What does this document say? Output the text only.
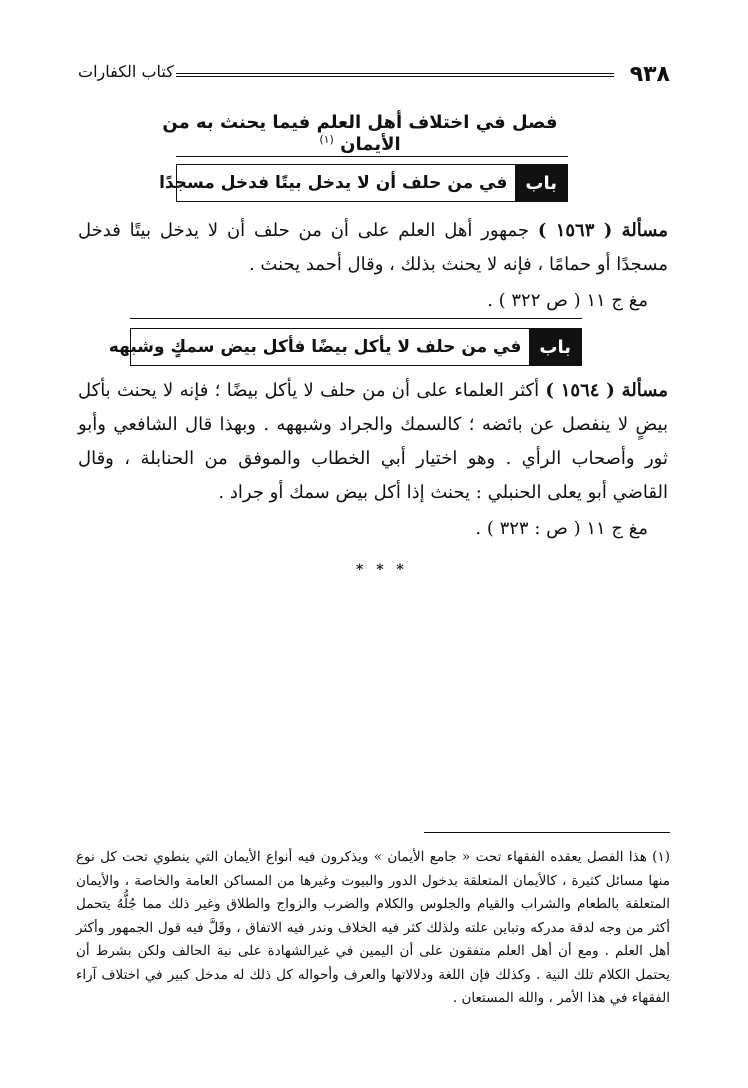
٩٣٨
كتاب الكفارات
فصل في اختلاف أهل العلم فيما يحنث به من الأيمان $^{(١)}$
باب
في من حلف أن لا يدخل بيتًا فدخل مسجدًا
مسألة ( ١٥٦٣ ) جمهور أهل العلم على أن من حلف أن لا يدخل بيتًا فدخل مسجدًا أو حمامًا ، فإنه لا يحنث بذلك ، وقال أحمد يحنث .
مغ ج ١١ ( ص ٣٢٢ ) .
باب
في من حلف لا يأكل بيضًا فأكل بيض سمكٍ وشبهه
مسألة ( ١٥٦٤ ) أكثر العلماء على أن من حلف لا يأكل بيضًا ؛ فإنه لا يحنث بأكل بيضٍ لا ينفصل عن بائضه ؛ كالسمك والجراد وشبههه . وبهذا قال الشافعي وأبو ثور وأصحاب الرأي . وهو اختيار أبي الخطاب والموفق من الحنابلة ، وقال القاضي أبو يعلى الحنبلي : يحنث إذا أكل بيض سمك أو جراد .
مغ ج ١١ ( ص : ٣٢٣ ) .
* * *
(١) هذا الفصل يعقده الفقهاء تحت « جامع الأيمان » ويذكرون فيه أنواع الأيمان التي ينطوي تحت كل نوع منها مسائل كثيرة ، كالأيمان المتعلقة بدخول الدور والبيوت وغيرها من المساكن العامة والخاصة ، والأيمان المتعلقة بالطعام والشراب والقيام والجلوس والكلام والضرب والزواج والطلاق وغير ذلك مما جُلُّهُ يتحمل أكثر من وجه لدقة مدركه وتباين علته ولذلك كثر فيه الخلاف وندر فيه الاتفاق ، وقَلَّ فيه قول الجمهور وأكثر أهل العلم . ومع أن أهل العلم متفقون على أن اليمين في غيرالشهادة على نية الحالف ولكن بشرط أن يحتمل الكلام تلك النية . وكذلك فإن اللغة ودلالاتها والعرف وأحواله كل ذلك له مدخل كبير في اختلاف آراء الفقهاء في هذا الأمر ، والله المستعان .
